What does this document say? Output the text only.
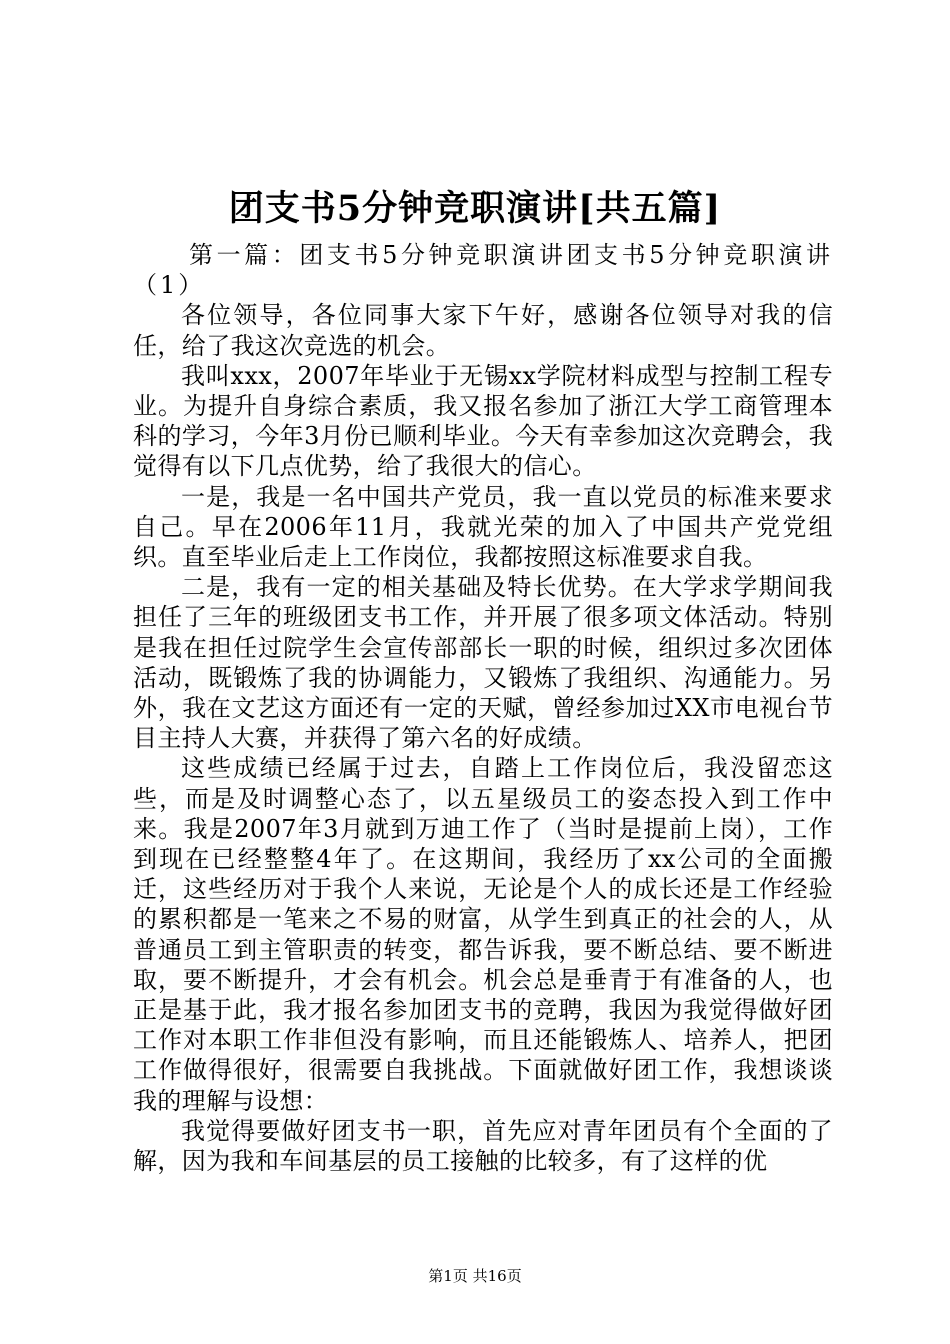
团支书5分钟竞职演讲[共五篇]

第一篇：团支书5分钟竞职演讲团支书5分钟竞职演讲（1）

各位领导，各位同事大家下午好，感谢各位领导对我的信任，给了我这次竞选的机会。

我叫xxx，2007年毕业于无锡xx学院材料成型与控制工程专业。为提升自身综合素质，我又报名参加了浙江大学工商管理本科的学习，今年3月份已顺利毕业。今天有幸参加这次竞聘会，我觉得有以下几点优势，给了我很大的信心。

一是，我是一名中国共产党员，我一直以党员的标准来要求自己。早在2006年11月，我就光荣的加入了中国共产党党组织。直至毕业后走上工作岗位，我都按照这标准要求自我。

二是，我有一定的相关基础及特长优势。在大学求学期间我担任了三年的班级团支书工作，并开展了很多项文体活动。特别是我在担任过院学生会宣传部部长一职的时候，组织过多次团体活动，既锻炼了我的协调能力，又锻炼了我组织、沟通能力。另外，我在文艺这方面还有一定的天赋，曾经参加过XX市电视台节目主持人大赛，并获得了第六名的好成绩。

这些成绩已经属于过去，自踏上工作岗位后，我没留恋这些，而是及时调整心态了，以五星级员工的姿态投入到工作中来。我是2007年3月就到万迪工作了（当时是提前上岗），工作到现在已经整整4年了。在这期间，我经历了xx公司的全面搬迁，这些经历对于我个人来说，无论是个人的成长还是工作经验的累积都是一笔来之不易的财富，从学生到真正的社会的人，从普通员工到主管职责的转变，都告诉我，要不断总结、要不断进取，要不断提升，才会有机会。机会总是垂青于有准备的人，也正是基于此，我才报名参加团支书的竞聘，我因为我觉得做好团工作对本职工作非但没有影响，而且还能锻炼人、培养人，把团工作做得很好，很需要自我挑战。下面就做好团工作，我想谈谈我的理解与设想：

我觉得要做好团支书一职，首先应对青年团员有个全面的了解，因为我和车间基层的员工接触的比较多，有了这样的优

第1页 共16页
